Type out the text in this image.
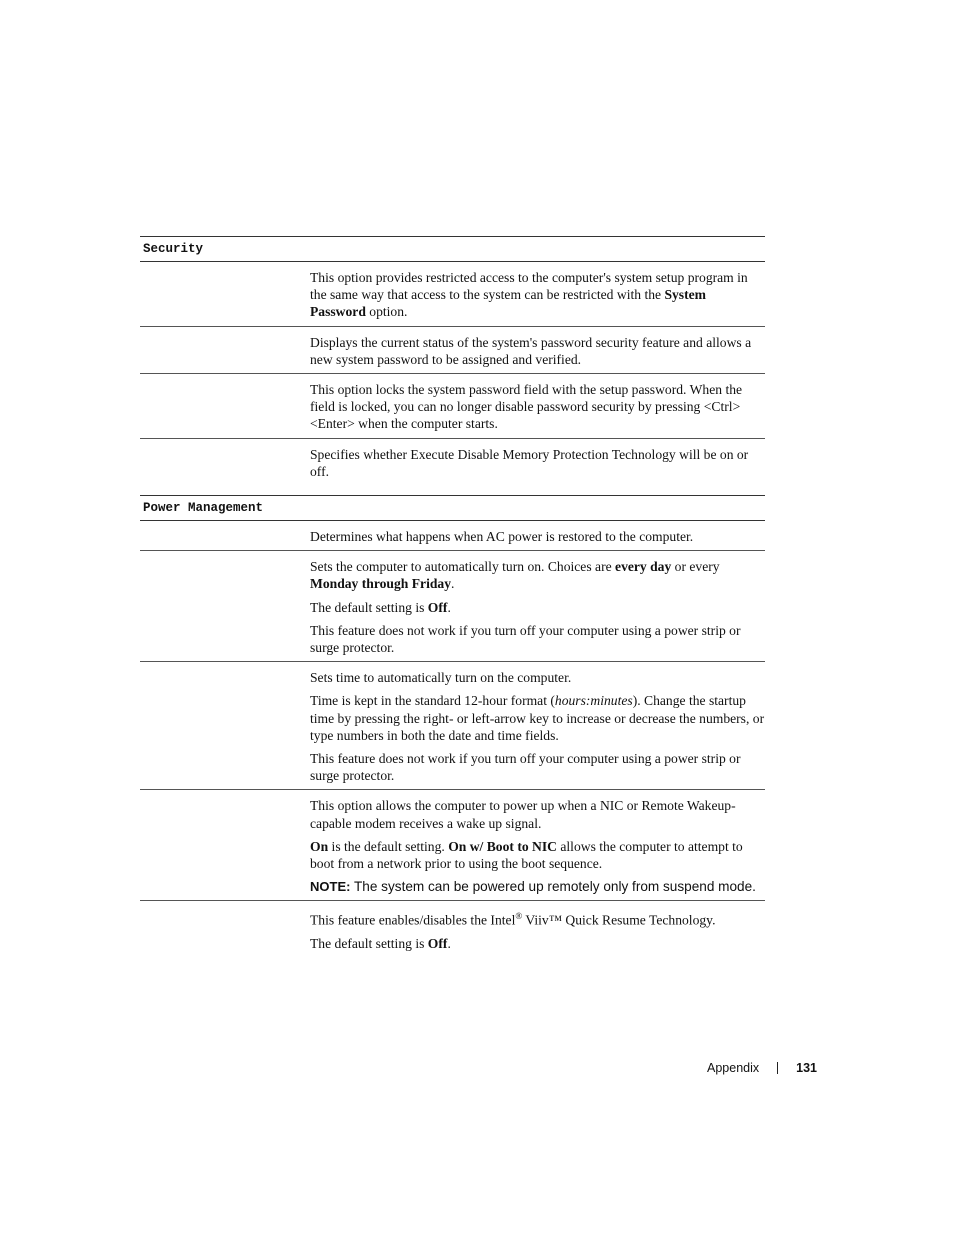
Security

This option provides restricted access to the computer's system setup program in the same way that access to the system can be restricted with the System Password option.

Displays the current status of the system's password security feature and allows a new system password to be assigned and verified.

This option locks the system password field with the setup password. When the field is locked, you can no longer disable password security by pressing <Ctrl><Enter> when the computer starts.

Specifies whether Execute Disable Memory Protection Technology will be on or off.

Power Management

Determines what happens when AC power is restored to the computer.

Sets the computer to automatically turn on. Choices are every day or every Monday through Friday.

The default setting is Off.

This feature does not work if you turn off your computer using a power strip or surge protector.

Sets time to automatically turn on the computer.

Time is kept in the standard 12-hour format (hours:minutes). Change the startup time by pressing the right- or left-arrow key to increase or decrease the numbers, or type numbers in both the date and time fields.

This feature does not work if you turn off your computer using a power strip or surge protector.

This option allows the computer to power up when a NIC or Remote Wakeup-capable modem receives a wake up signal.

On is the default setting. On w/ Boot to NIC allows the computer to attempt to boot from a network prior to using the boot sequence.

NOTE: The system can be powered up remotely only from suspend mode.

This feature enables/disables the Intel® Viiv™ Quick Resume Technology.

The default setting is Off.

Appendix	131
